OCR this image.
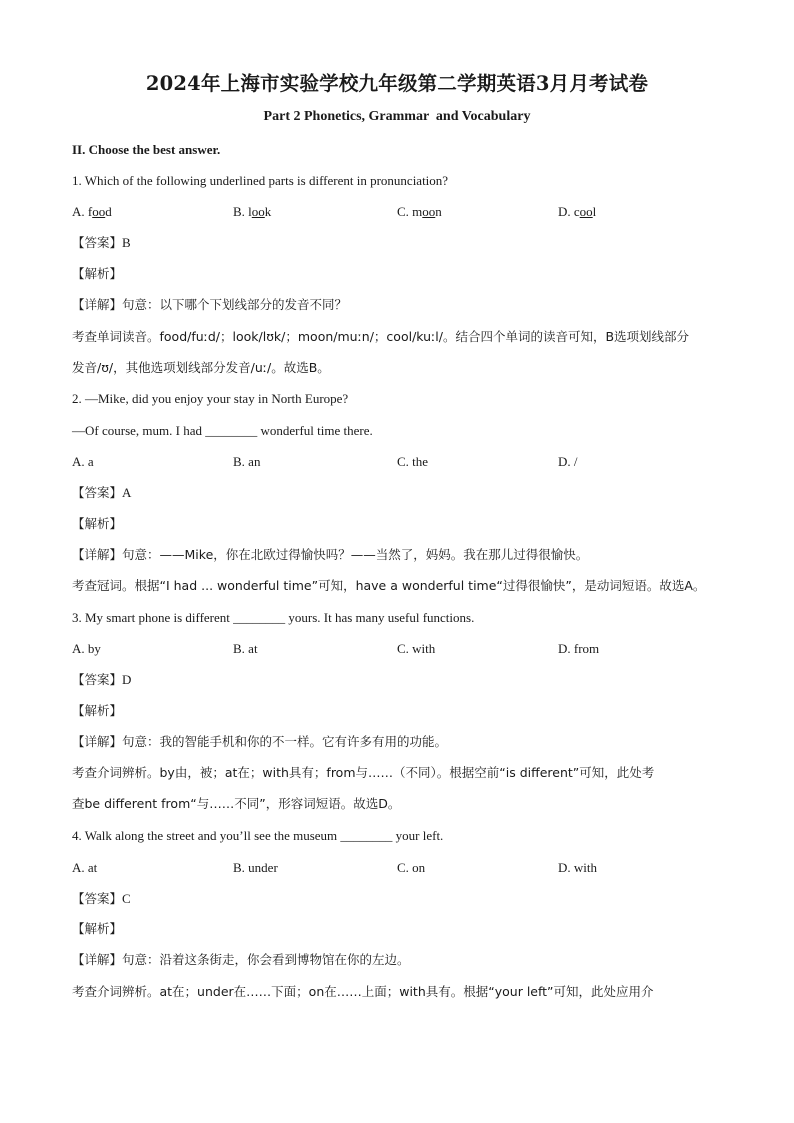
2024年上海市实验学校九年级第二学期英语3月月考试卷
Part 2 Phonetics, Grammar  and Vocabulary
II. Choose the best answer.
1. Which of the following underlined parts is different in pronunciation?
A. food	B. look	C. moon	D. cool
【答案】B
【解析】
【详解】句意：以下哪个下划线部分的发音不同？
考查单词读音。food/fuːd/；look/lʊk/；moon/muːn/；cool/kuːl/。结合四个单词的读音可知，B选项划线部分
发音/ʊ/，其他选项划线部分发音/uː/。故选B。
2. —Mike, did you enjoy your stay in North Europe?
—Of course, mum. I had ________ wonderful time there.
A. a	B. an	C. the	D. /
【答案】A
【解析】
【详解】句意：——Mike，你在北欧过得愉快吗？——当然了，妈妈。我在那儿过得很愉快。
考查冠词。根据“I had ... wonderful time”可知，have a wonderful time“过得很愉快”，是动词短语。故选A。
3. My smart phone is different ________ yours. It has many useful functions.
A. by	B. at	C. with	D. from
【答案】D
【解析】
【详解】句意：我的智能手机和你的不一样。它有许多有用的功能。
考查介词辨析。by由，被；at在；with具有；from与……（不同）。根据空前“is different”可知，此处考
查be different from“与……不同”，形容词短语。故选D。
4. Walk along the street and you’ll see the museum ________ your left.
A. at	B. under	C. on	D. with
【答案】C
【解析】
【详解】句意：沿着这条街走，你会看到博物馆在你的左边。
考查介词辨析。at在；under在……下面；on在……上面；with具有。根据“your left”可知，此处应用介
